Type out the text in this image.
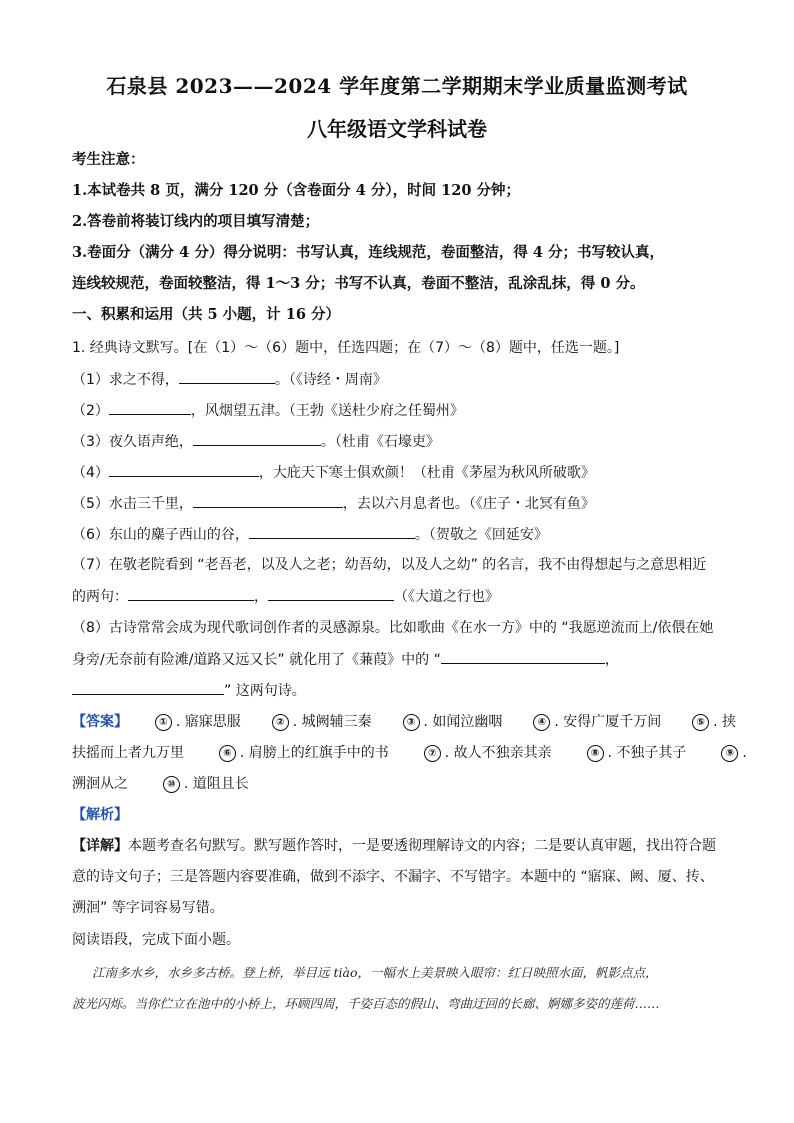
石泉县 2023——2024 学年度第二学期期末学业质量监测考试
八年级语文学科试卷
考生注意：
1.本试卷共 8 页，满分 120 分（含卷面分 4 分），时间 120 分钟；
2.答卷前将装订线内的项目填写清楚；
3.卷面分（满分 4 分）得分说明：书写认真，连线规范，卷面整洁，得 4 分；书写较认真，
连线较规范，卷面较整洁，得 1～3 分；书写不认真，卷面不整洁，乱涂乱抹，得 0 分。
一、积累和运用（共 5 小题，计 16 分）
1. 经典诗文默写。[在（1）～（6）题中，任选四题；在（7）～（8）题中，任选一题。]
（1）求之不得，	。（《诗经・周南》
（2）	，风烟望五津。（王勃《送杜少府之任蜀州》
（3）夜久语声绝，	。（杜甫《石壕吏》
（4）	，大庇天下寒士俱欢颜！（杜甫《茅屋为秋风所破歌》
（5）水击三千里，	，去以六月息者也。（《庄子・北冥有鱼》
（6）东山的麋子西山的谷，	。（贺敬之《回延安》
（7）在敬老院看到 “老吾老，以及人之老；幼吾幼，以及人之幼” 的名言，我不由得想起与之意思相近
的两句：	，	（《大道之行也》
（8）古诗常常会成为现代歌词创作者的灵感源泉。比如歌曲《在水一方》中的 “我愿逆流而上/依偎在她
身旁/无奈前有险滩/道路又远又长” 就化用了《蒹葭》中的 “	，
” 这两句诗。
【答案】	① . 寤寐思服	② . 城阙辅三秦	③ . 如闻泣幽咽	④ . 安得广厦千万间	⑤ . 挟
扶摇而上者九万里	⑥ . 肩膀上的红旗手中的书	⑦ . 故人不独亲其亲	⑧ . 不独子其子	⑨ .
溯洄从之	⑩ . 道阻且长
【解析】
【详解】本题考查名句默写。默写题作答时，一是要透彻理解诗文的内容；二是要认真审题，找出符合题
意的诗文句子；三是答题内容要准确，做到不添字、不漏字、不写错字。本题中的 “寤寐、阙、厦、抟、
溯洄” 等字词容易写错。
阅读语段，完成下面小题。
江南多水乡，水乡多古桥。登上桥，举目远 tiào，一幅水上美景映入眼帘：红日映照水面，帆影点点，
波光闪烁。当你伫立在池中的小桥上，环顾四周，千姿百态的假山、弯曲迂回的长廊、婀娜多姿的莲荷……
